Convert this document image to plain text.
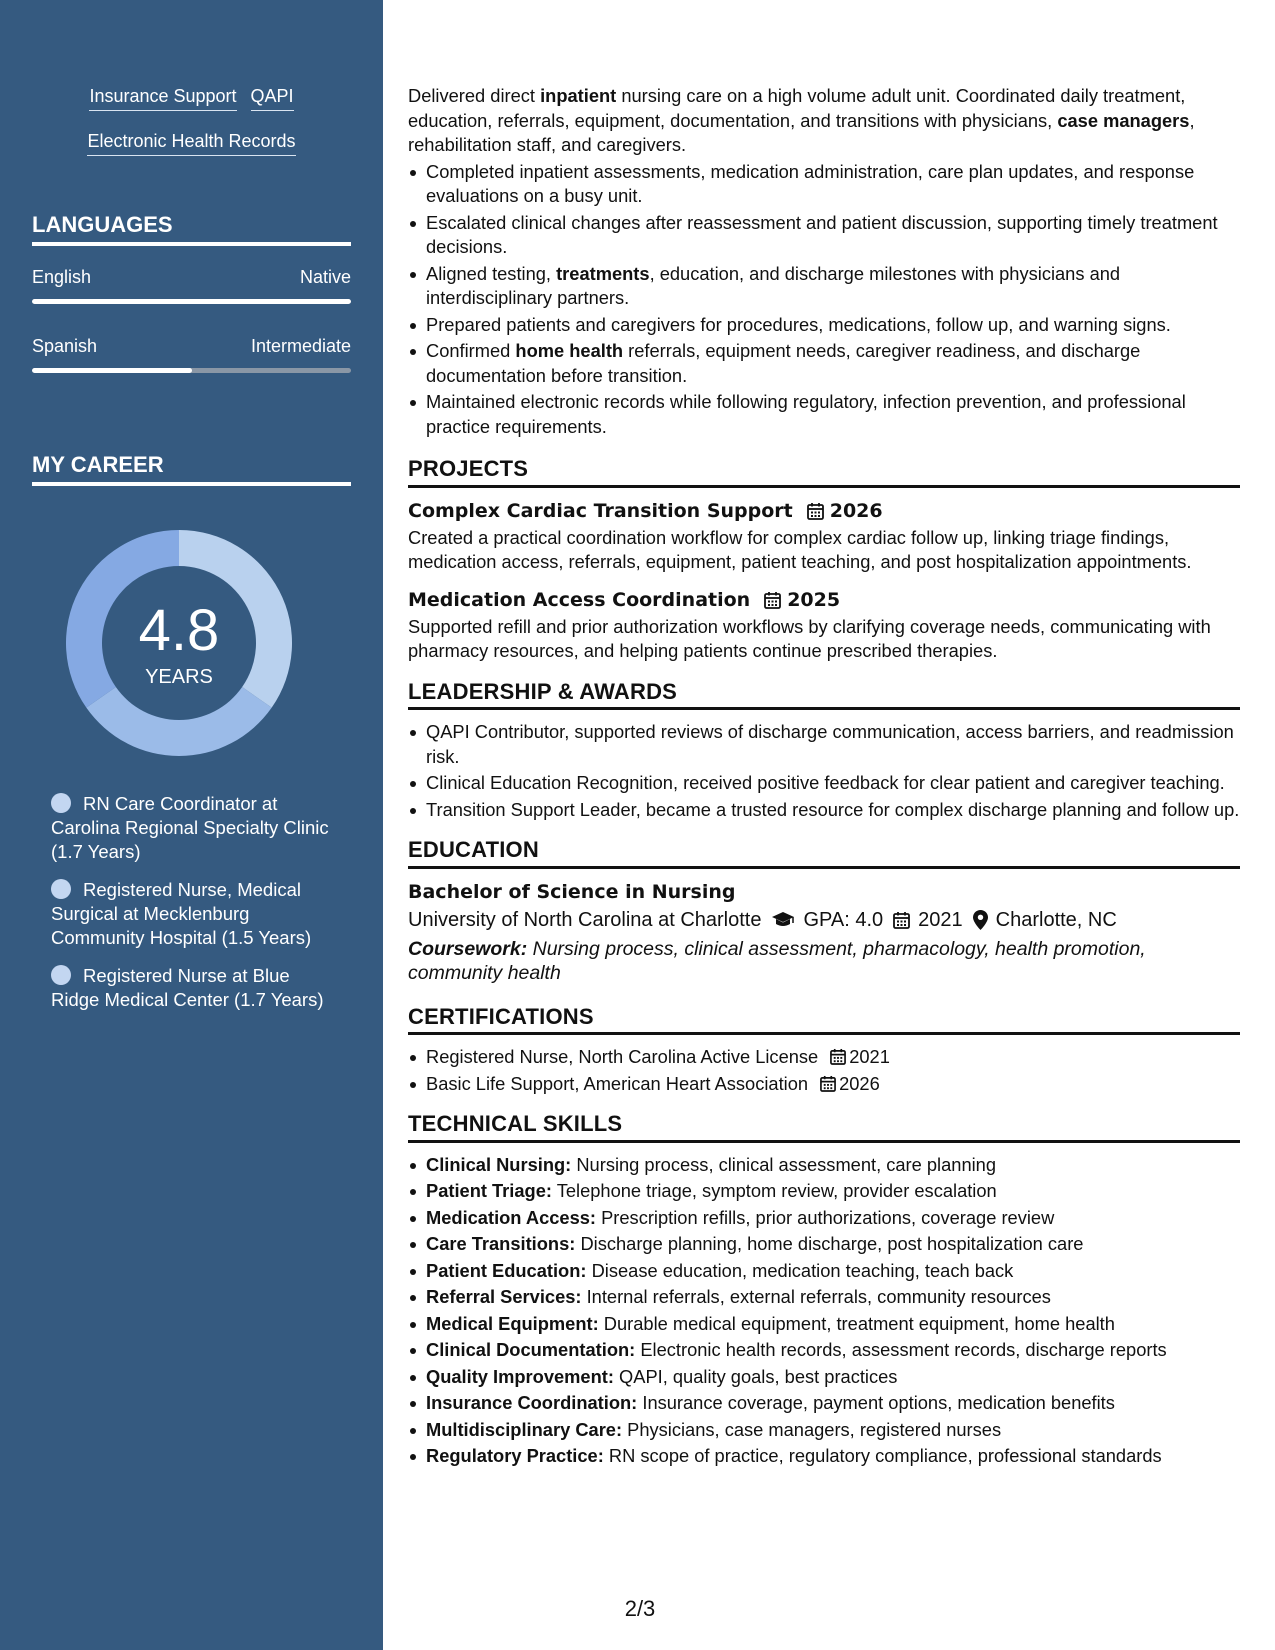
Insurance Support QAPI
Electronic Health Records
LANGUAGES
English	Native
Spanish	Intermediate
MY CAREER
4.8
YEARS
RN Care Coordinator at Carolina Regional Specialty Clinic (1.7 Years)
Registered Nurse, Medical Surgical at Mecklenburg Community Hospital (1.5 Years)
Registered Nurse at Blue Ridge Medical Center (1.7 Years)
Delivered direct inpatient nursing care on a high volume adult unit. Coordinated daily treatment, education, referrals, equipment, documentation, and transitions with physicians, case managers, rehabilitation staff, and caregivers.
Completed inpatient assessments, medication administration, care plan updates, and response evaluations on a busy unit.
Escalated clinical changes after reassessment and patient discussion, supporting timely treatment decisions.
Aligned testing, treatments, education, and discharge milestones with physicians and interdisciplinary partners.
Prepared patients and caregivers for procedures, medications, follow up, and warning signs.
Confirmed home health referrals, equipment needs, caregiver readiness, and discharge documentation before transition.
Maintained electronic records while following regulatory, infection prevention, and professional practice requirements.
PROJECTS
Complex Cardiac Transition Support 2026
Created a practical coordination workflow for complex cardiac follow up, linking triage findings, medication access, referrals, equipment, patient teaching, and post hospitalization appointments.
Medication Access Coordination 2025
Supported refill and prior authorization workflows by clarifying coverage needs, communicating with pharmacy resources, and helping patients continue prescribed therapies.
LEADERSHIP & AWARDS
QAPI Contributor, supported reviews of discharge communication, access barriers, and readmission risk.
Clinical Education Recognition, received positive feedback for clear patient and caregiver teaching.
Transition Support Leader, became a trusted resource for complex discharge planning and follow up.
EDUCATION
Bachelor of Science in Nursing
University of North Carolina at Charlotte GPA: 4.0 2021 Charlotte, NC
Coursework: Nursing process, clinical assessment, pharmacology, health promotion, community health
CERTIFICATIONS
Registered Nurse, North Carolina Active License 2021
Basic Life Support, American Heart Association 2026
TECHNICAL SKILLS
Clinical Nursing: Nursing process, clinical assessment, care planning
Patient Triage: Telephone triage, symptom review, provider escalation
Medication Access: Prescription refills, prior authorizations, coverage review
Care Transitions: Discharge planning, home discharge, post hospitalization care
Patient Education: Disease education, medication teaching, teach back
Referral Services: Internal referrals, external referrals, community resources
Medical Equipment: Durable medical equipment, treatment equipment, home health
Clinical Documentation: Electronic health records, assessment records, discharge reports
Quality Improvement: QAPI, quality goals, best practices
Insurance Coordination: Insurance coverage, payment options, medication benefits
Multidisciplinary Care: Physicians, case managers, registered nurses
Regulatory Practice: RN scope of practice, regulatory compliance, professional standards
2/3
